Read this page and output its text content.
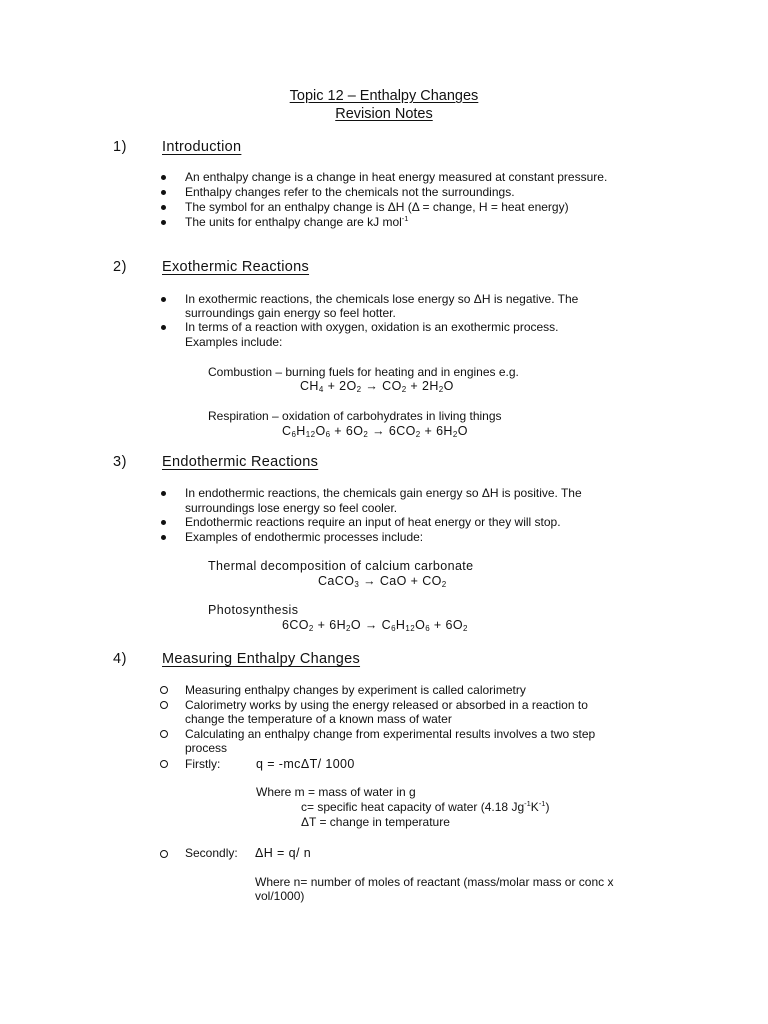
Topic 12 – Enthalpy Changes
Revision Notes
1) Introduction
An enthalpy change is a change in heat energy measured at constant pressure.
Enthalpy changes refer to the chemicals not the surroundings.
The symbol for an enthalpy change is ΔH (Δ = change, H = heat energy)
The units for enthalpy change are kJ mol$^{-1}$
2) Exothermic Reactions
In exothermic reactions, the chemicals lose energy so ΔH is negative. The
surroundings gain energy so feel hotter.
In terms of a reaction with oxygen, oxidation is an exothermic process.
Examples include:
Combustion – burning fuels for heating and in engines e.g.
$CH_4 + 2O_2 \to CO_2 + 2H_2O$
Respiration – oxidation of carbohydrates in living things
$C_6H_{12}O_6 + 6O_2 \to 6CO_2 + 6H_2O$
3) Endothermic Reactions
In endothermic reactions, the chemicals gain energy so ΔH is positive. The
surroundings lose energy so feel cooler.
Endothermic reactions require an input of heat energy or they will stop.
Examples of endothermic processes include:
Thermal decomposition of calcium carbonate
CaCO$_3$ → CaO + $CO_2$
Photosynthesis
$6CO_2 + 6H_2O \to C_6H_{12}O_6 + 6O_2$
4) Measuring Enthalpy Changes
Measuring enthalpy changes by experiment is called calorimetry
Calorimetry works by using the energy released or absorbed in a reaction to
change the temperature of a known mass of water
Calculating an enthalpy change from experimental results involves a two step
process
Firstly:	q = -mcΔT/ 1000
Where m = mass of water in g
c= specific heat capacity of water (4.18 $Jg^{-1}K^{-1}$)
ΔT = change in temperature
Secondly: ΔH = q/ n
Where n= number of moles of reactant (mass/molar mass or conc x
vol/1000)
